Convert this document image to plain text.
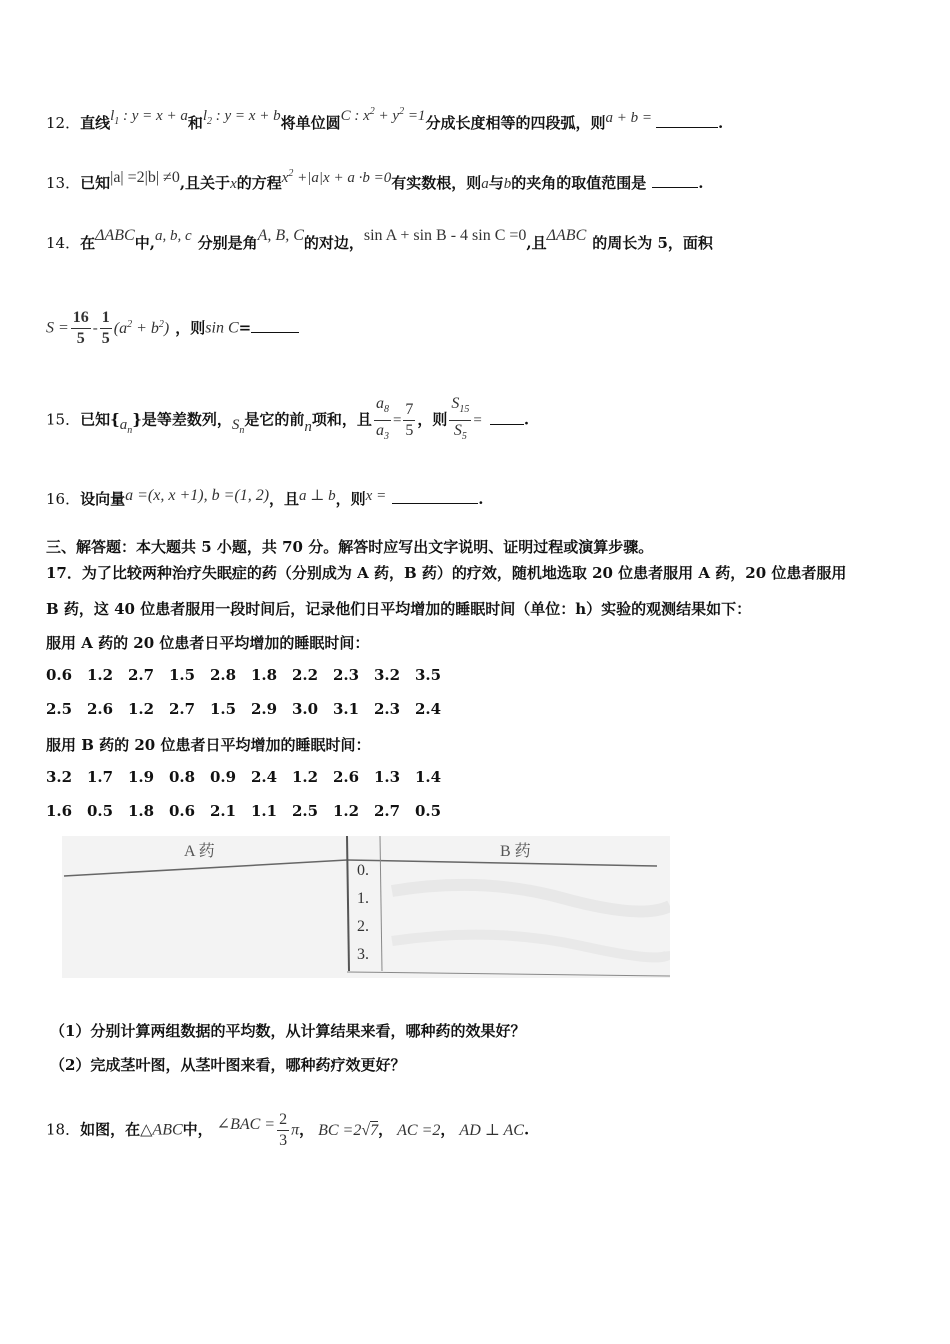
12．直线$l_1$ : y = x + a和$l_2$ : y = x + b将单位圆C : $x^2 + y^2 =1$分成长度相等的四段弧，则a + b =	.
13．已知|a| =2|b| ≠0,且关于x的方程$x^2 +|a|x + a \cdot b =0$有实数根，则a与b的夹角的取值范围是	.
14．在ΔABC中,a, b, c 分别是角A, B, C的对边，sin A + sin B - 4 sin C =0,且ΔABC 的周长为 5，面积
$S = \frac{16}{5} - \frac{1}{5} (a^2 + b^2)$ ，则sin C=
15．已知$\{a_n\}$是等差数列，$S_n$是它的前n项和，且 $\frac{a_8}{a_3} = \frac{7}{5}$ ，则 $\frac{S_{15}}{S_5}$ =	.
16．设向量a =(x, x +1), b =(1, 2)，且a ⊥ b，则x =	.
三、解答题：本大题共 5 小题，共 70 分。解答时应写出文字说明、证明过程或演算步骤。
17．为了比较两种治疗失眠症的药（分别成为 A 药，B 药）的疗效，随机地选取 20 位患者服用 A 药，20 位患者服用
B 药，这 40 位患者服用一段时间后，记录他们日平均增加的睡眠时间（单位：h）实验的观测结果如下：
服用 A 药的 20 位患者日平均增加的睡眠时间：
0.6 1.2 2.7 1.5 2.8 1.8 2.2 2.3 3.2 3.5
2.5 2.6 1.2 2.7 1.5 2.9 3.0 3.1 2.3 2.4
服用 B 药的 20 位患者日平均增加的睡眠时间：
3.2 1.7 1.9 0.8 0.9 2.4 1.2 2.6 1.3 1.4
1.6 0.5 1.8 0.6 2.1 1.1 2.5 1.2 2.7 0.5
A 药	B 药
0.
1.
2.
3.
（1）分别计算两组数据的平均数，从计算结果来看，哪种药的效果好？
（2）完成茎叶图，从茎叶图来看，哪种药疗效更好？
18．如图，在△ABC中， ∠BAC = $\frac{2}{3}$ π， BC =2√7， AC =2， AD ⊥ AC.
